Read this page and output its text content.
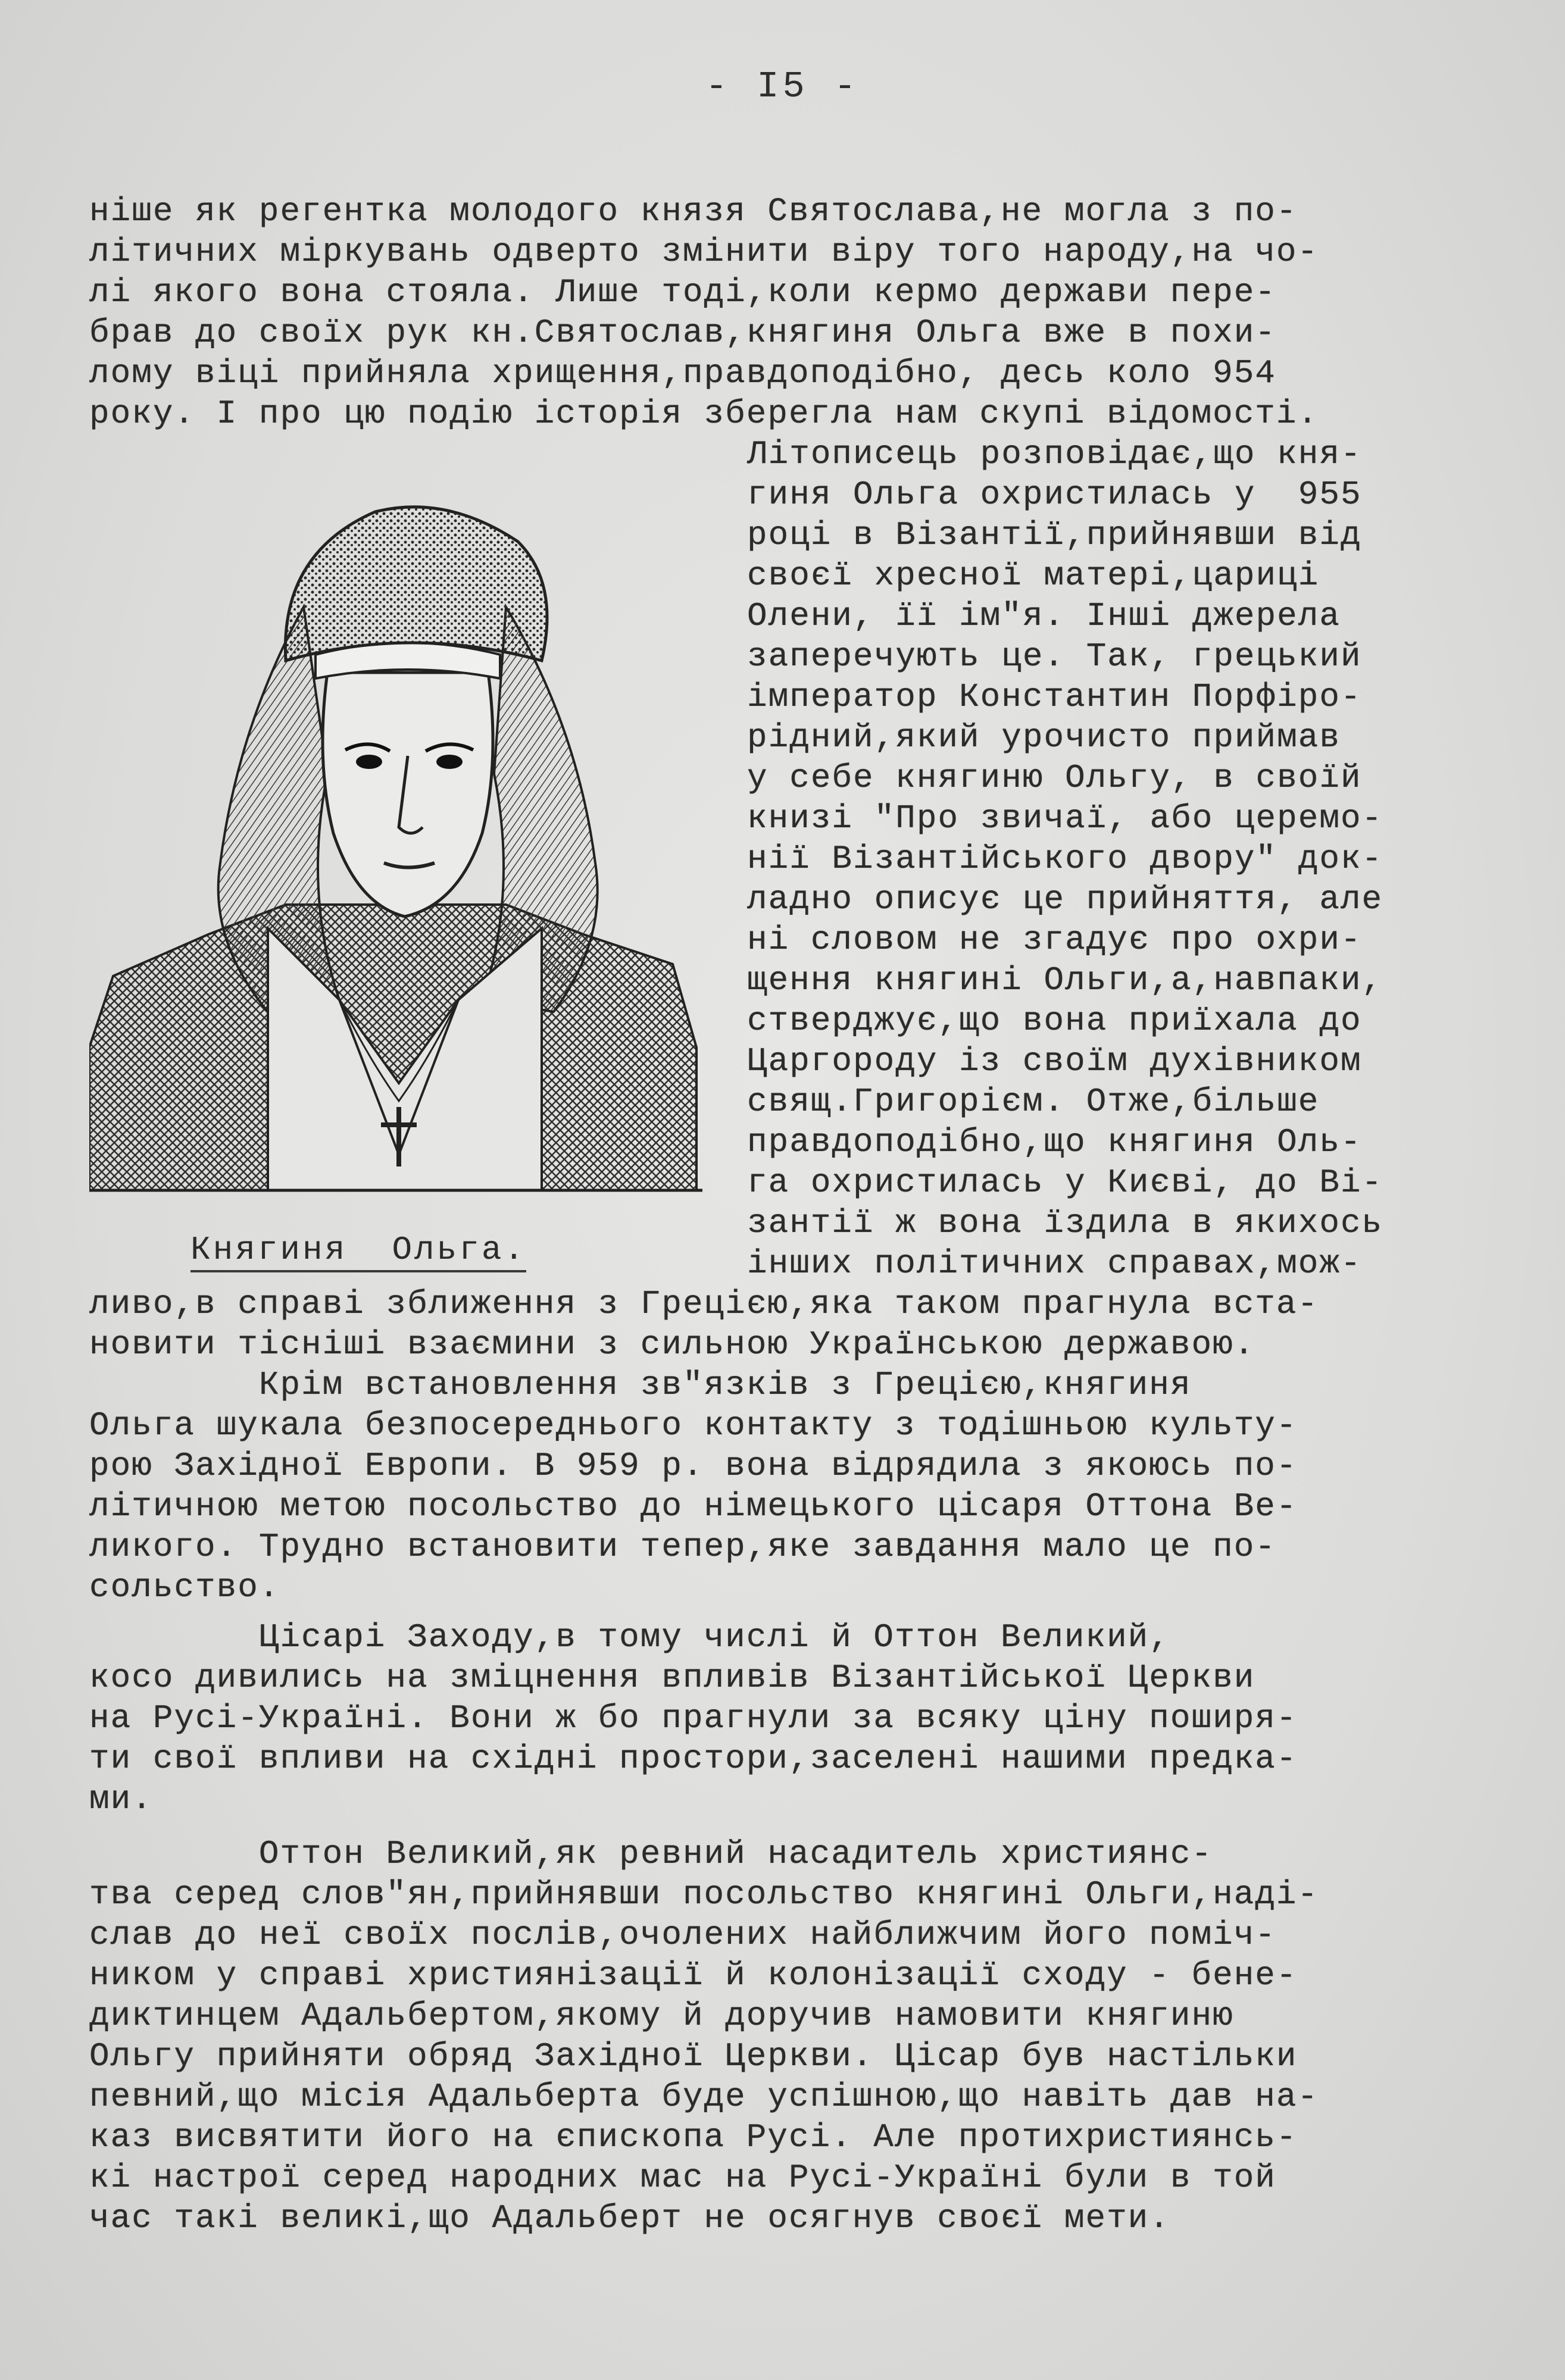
- I5 -
ніше як регентка молодого князя Святослава,не могла з по-
літичних міркувань одверто змінити віру того народу,на чо-
лі якого вона стояла. Лише тоді,коли кермо держави пере-
брав до своїх рук кн.Святослав,княгиня Ольга вже в похи-
лому віці прийняла хрищення,правдоподібно, десь коло 954
року. І про цю подію історія зберегла нам скупі відомості.
Княгиня  Ольга.
Літописець розповідає,що кня-
гиня Ольга охристилась у  955
році в Візантії,прийнявши від
своєї хресної матері,цариці
Олени, її ім"я. Інші джерела
заперечують це. Так, грецький
імператор Константин Порфіро-
рідний,який урочисто приймав
у себе княгиню Ольгу, в своїй
книзі "Про звичаї, або церемо-
нії Візантійського двору" док-
ладно описує це прийняття, але
ні словом не згадує про охри-
щення княгині Ольги,а,навпаки,
стверджує,що вона приїхала до
Царгороду із своїм духівником
свящ.Григорієм. Отже,більше
правдоподібно,що княгиня Оль-
га охристилась у Києві, до Ві-
зантії ж вона їздила в якихось
інших політичних справах,мож-
ливо,в справі зближення з Грецією,яка таком прагнула вста-
новити тісніші взаємини з сильною Українською державою.
Крім встановлення зв"язків з Грецією,княгиня
Ольга шукала безпосереднього контакту з тодішньою культу-
рою Західної Европи. В 959 р. вона відрядила з якоюсь по-
літичною метою посольство до німецького цісаря Оттона Ве-
ликого. Трудно встановити тепер,яке завдання мало це по-
сольство.
Цісарі Заходу,в тому числі й Оттон Великий,
косо дивились на зміцнення впливів Візантійської Церкви
на Русі-Україні. Вони ж бо прагнули за всяку ціну поширя-
ти свої впливи на східні простори,заселені нашими предка-
ми.
Оттон Великий,як ревний насадитель християнс-
тва серед слов"ян,прийнявши посольство княгині Ольги,наді-
слав до неї своїх послів,очолених найближчим його поміч-
ником у справі християнізації й колонізації сходу - бене-
диктинцем Адальбертом,якому й доручив намовити княгиню
Ольгу прийняти обряд Західної Церкви. Цісар був настільки
певний,що місія Адальберта буде успішною,що навіть дав на-
каз висвятити його на єпископа Русі. Але протихристиянсь-
кі настрої серед народних мас на Русі-Україні були в той
час такі великі,що Адальберт не осягнув своєї мети.
